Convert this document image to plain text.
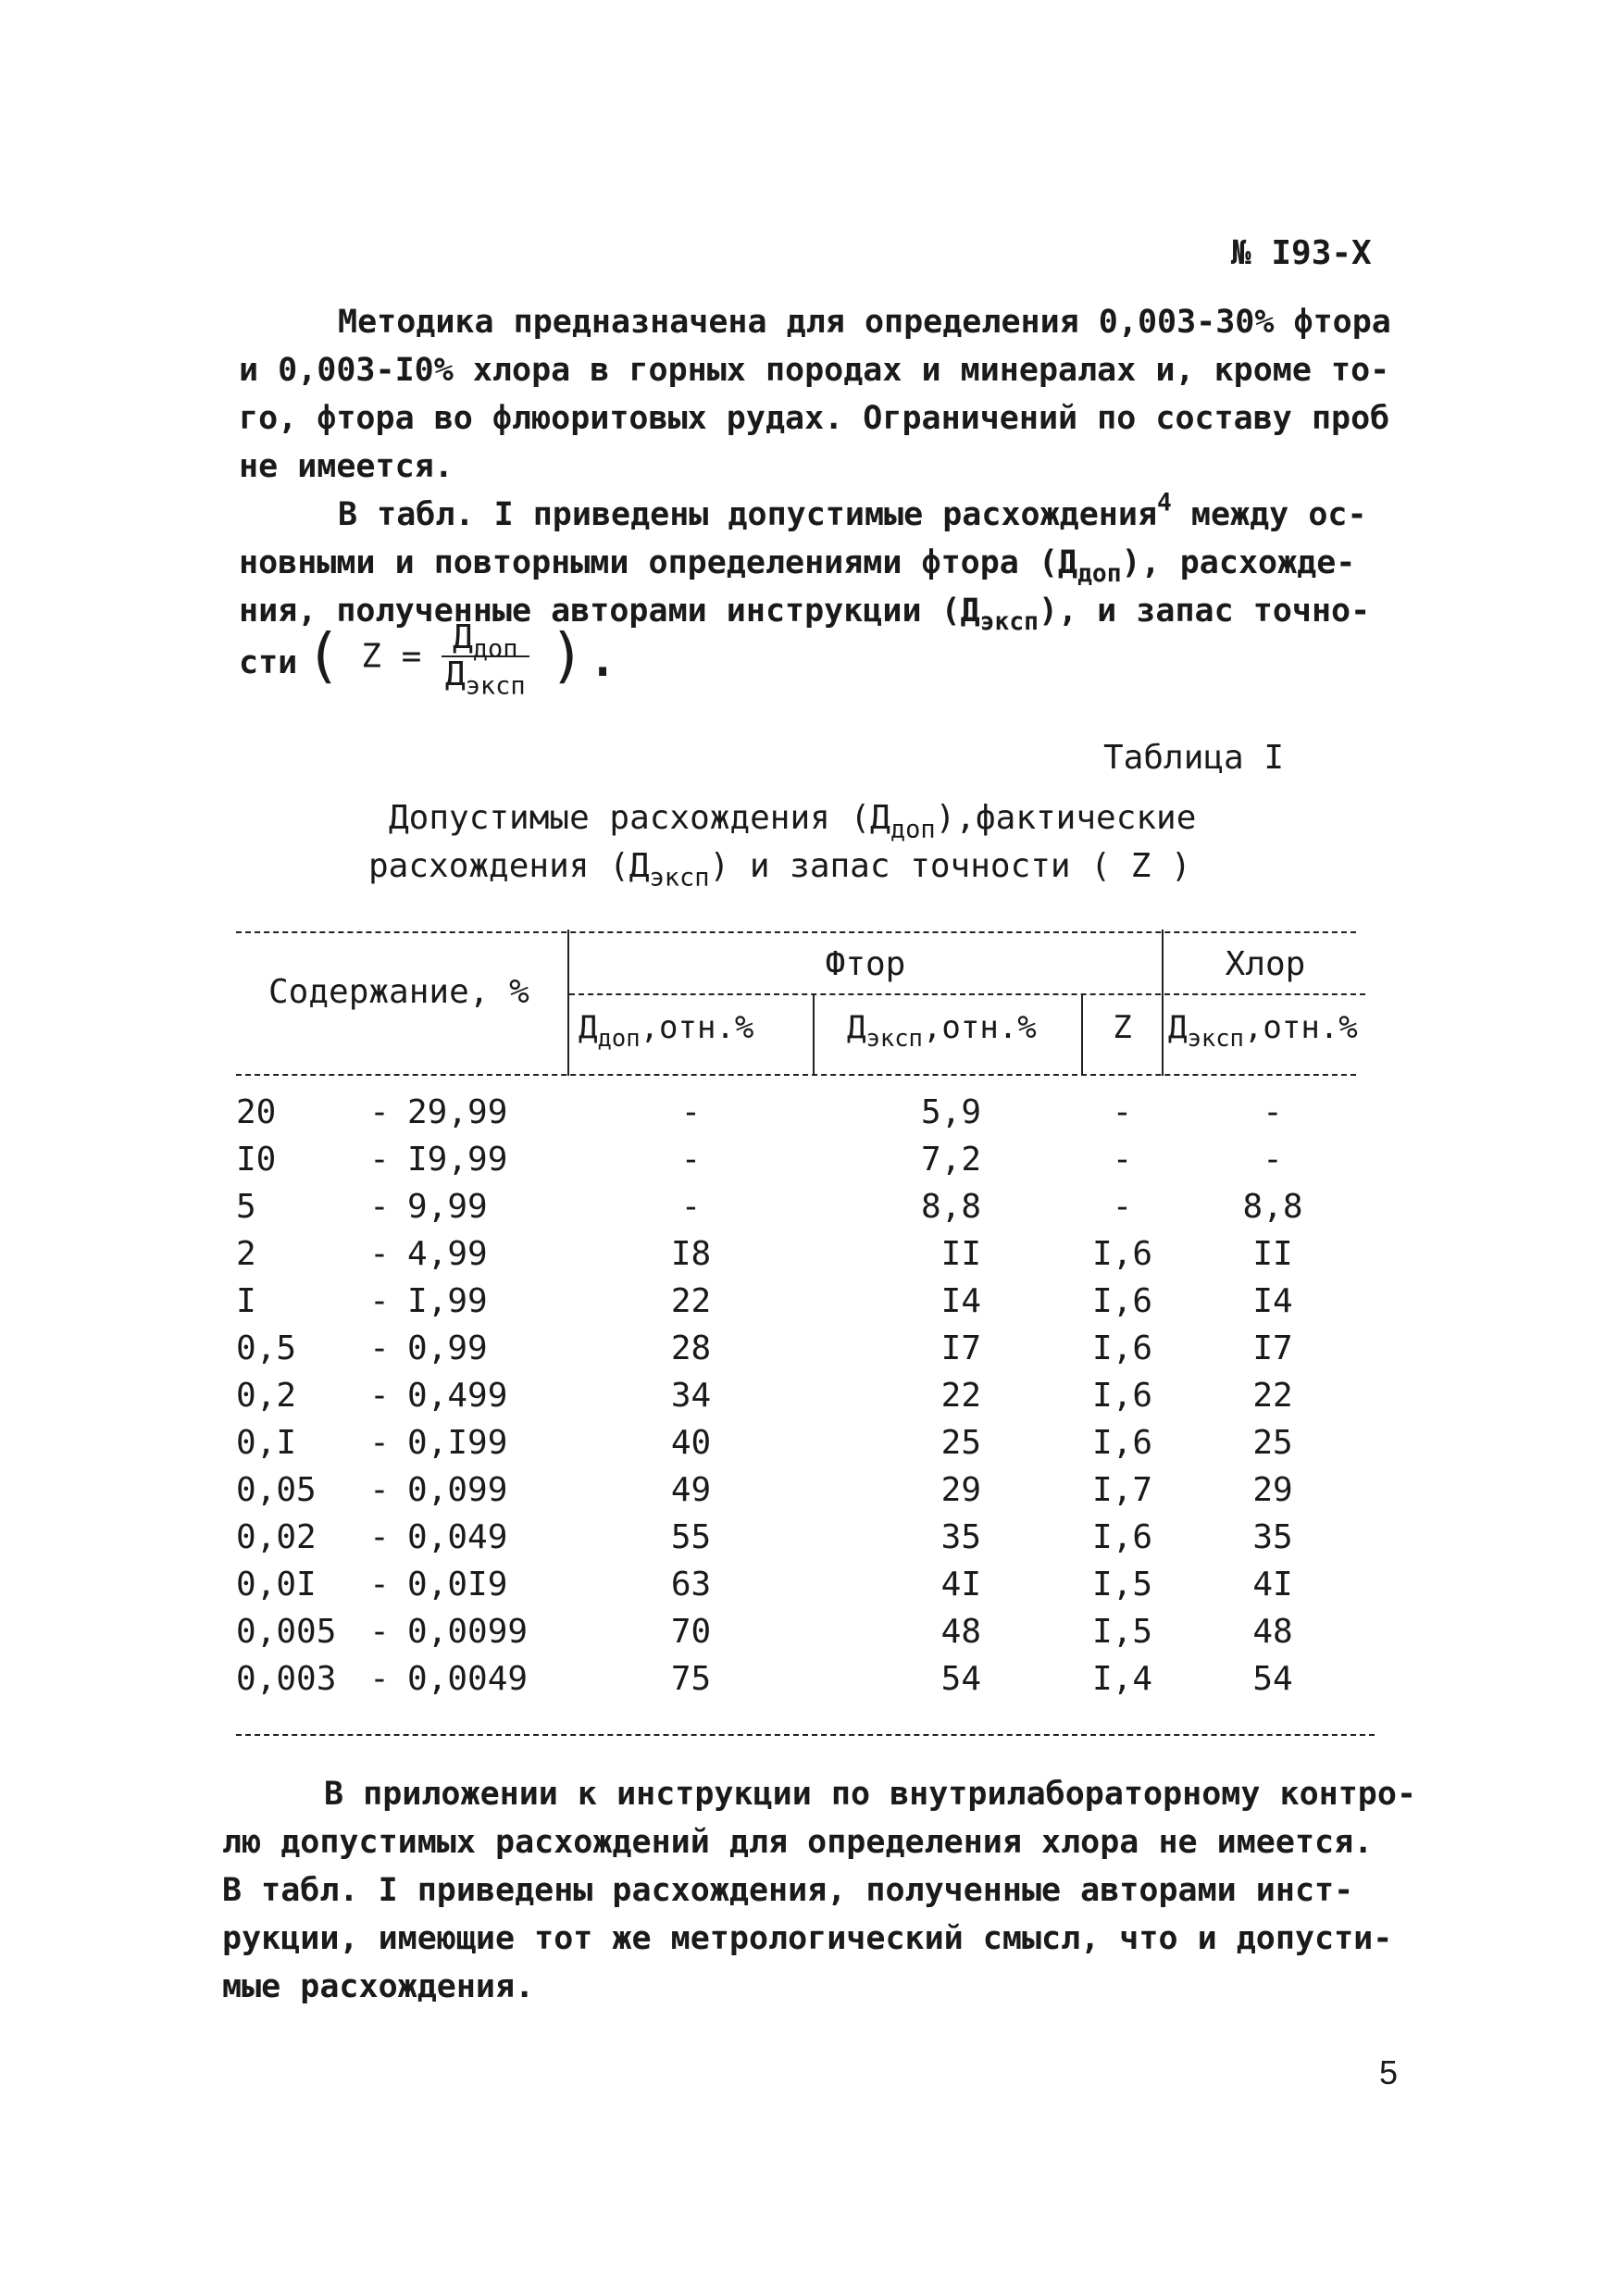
№ I93-X
Методика предназначена для определения 0,003-30% фтора
и 0,003-I0% хлора в горных породах и минералах и, кроме то-
го, фтора во флюоритовых рудах. Ограничений по составу проб
не имеется.
В табл. I приведены допустимые расхождения$^4$ между ос-
новными и повторными определениями фтора $(Д_{доп})$, расхожде-
ния, полученные авторами инструкции $(Д_{эксп})$, и запас точно-
сти ( $Z = \frac{Д_{доп}}{Д_{эксп}}$ ).
Таблица I
Допустимые расхождения $(Д_{доп}),фактические$
расхождения $(Д_{эксп})$ и запас точности ( Z )
Содержание, %
Фтор	Хлор
$Д_{доп},отн.\%$	$Д_{эксп},отн.\%$	Z	$Д_{эксп},отн.\%$
20	- 29,99	-	5,9	-	-
I0	- I9,99	-	7,2	-	-
5	- 9,99	-	8,8	-	8,8
2	- 4,99	I8	II	I,6	II
I	- I,99	22	I4	I,6	I4
0,5	- 0,99	28	I7	I,6	I7
0,2	- 0,499	34	22	I,6	22
0,I	- 0,I99	40	25	I,6	25
0,05	- 0,099	49	29	I,7	29
0,02	- 0,049	55	35	I,6	35
0,0I	- 0,0I9	63	4I	I,5	4I
0,005 - 0,0099	70	48	I,5	48
0,003 - 0,0049	75	54	I,4	54
В приложении к инструкции по внутрилабораторному контро-
лю допустимых расхождений для определения хлора не имеется.
В табл. I приведены расхождения, полученные авторами инст-
рукции, имеющие тот же метрологический смысл, что и допусти-
мые расхождения.
5
